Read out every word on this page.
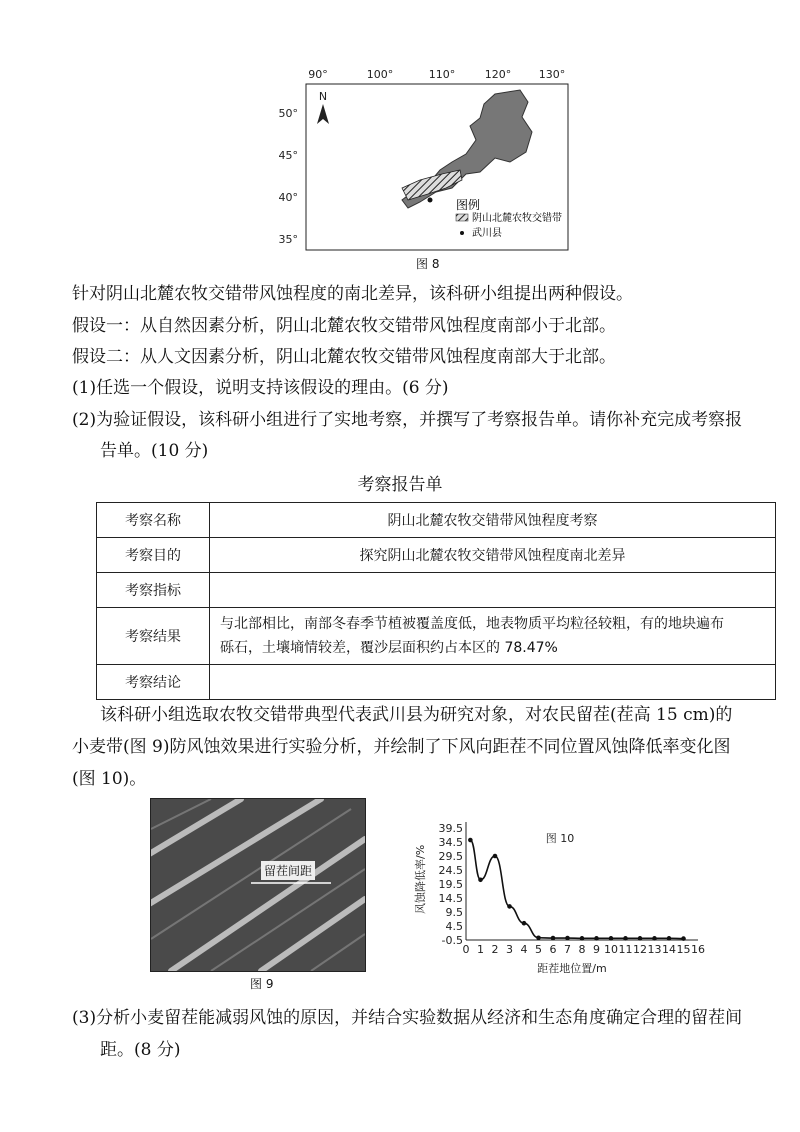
90°	100°	110°	120°	130°
50°
45°
40°
35°
N
图例
阴山北麓农牧交错带
武川县
图 8
针对阴山北麓农牧交错带风蚀程度的南北差异，该科研小组提出两种假设。
假设一：从自然因素分析，阴山北麓农牧交错带风蚀程度南部小于北部。
假设二：从人文因素分析，阴山北麓农牧交错带风蚀程度南部大于北部。
(1)任选一个假设，说明支持该假设的理由。(6 分)
(2)为验证假设，该科研小组进行了实地考察，并撰写了考察报告单。请你补充完成考察报
告单。(10 分)
考察报告单
考察名称	阴山北麓农牧交错带风蚀程度考察
考察目的	探究阴山北麓农牧交错带风蚀程度南北差异
考察指标	
考察结果	与北部相比，南部冬春季节植被覆盖度低，地表物质平均粒径较粗，有的地块遍布
砾石，土壤墒情较差，覆沙层面积约占本区的 78.47%

考察结论	
该科研小组选取农牧交错带典型代表武川县为研究对象，对农民留茬(茬高 15 cm)的
小麦带(图 9)防风蚀效果进行实验分析，并绘制了下风向距茬不同位置风蚀降低率变化图
(图 10)。
留茬间距
图 9
39.5
34.5
29.5
24.5
19.5
14.5
9.5
4.5
-0.5
0 1 2 3 4 5 6 7 8 9 10 11 12 13 14 15 16
风蚀降低率/%
图 10
距茬地位置/m
(3)分析小麦留茬能减弱风蚀的原因，并结合实验数据从经济和生态角度确定合理的留茬间
距。(8 分)
